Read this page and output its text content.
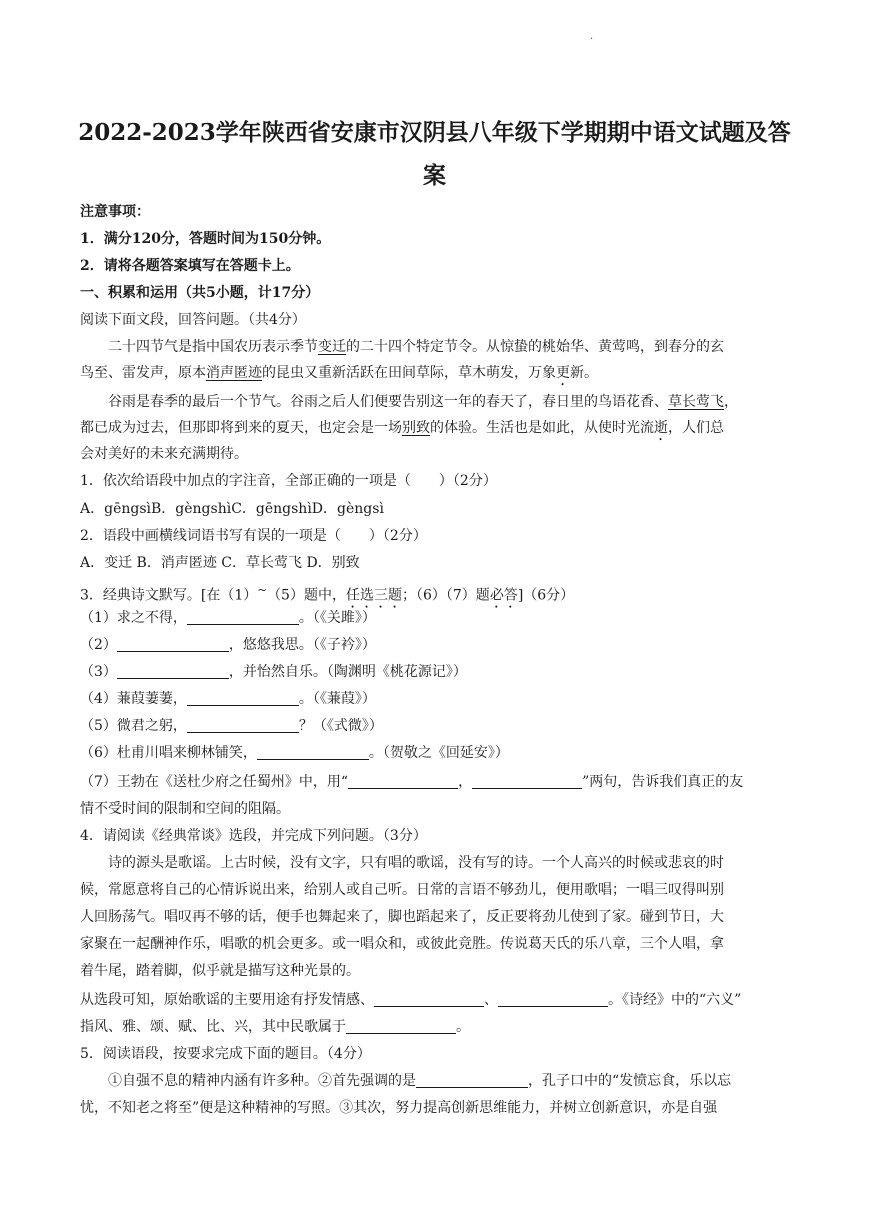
·
2022-2023学年陕西省安康市汉阴县八年级下学期期中语文试题及答
案
注意事项：
1．满分120分，答题时间为150分钟。
2．请将各题答案填写在答题卡上。
一、积累和运用（共5小题，计17分）
阅读下面文段，回答问题。（共4分）
二十四节气是指中国农历表示季节变迁的二十四个特定节令。从惊蛰的桃始华、黄莺鸣，到春分的玄
鸟至、雷发声，原本消声匿迹的昆虫又重新活跃在田间草际，草木萌发，万象更新。
谷雨是春季的最后一个节气。谷雨之后人们便要告别这一年的春天了，春日里的鸟语花香、草长莺飞，
都已成为过去，但那即将到来的夏天，也定会是一场别致的体验。生活也是如此，从使时光流逝，人们总
会对美好的未来充满期待。
1．依次给语段中加点的字注音，全部正确的一项是（　　）（2分）
A．gēngsìB．gèngshìC．gēngshìD．gèngsì
2．语段中画横线词语书写有误的一项是（　　）（2分）
A．变迁 B．消声匿迹 C．草长莺飞 D．别致
3．经典诗文默写。[在（1）~（5）题中，任选三题；（6）（7）题必答]（6分）
（1）求之不得，	。（《关雎》）
（2）	，悠悠我思。（《子衿》）
（3）	，并怡然自乐。（陶渊明《桃花源记》）
（4）蒹葭萋萋，	。（《蒹葭》）
（5）微君之躬，	？（《式微》）
（6）杜甫川唱来柳林铺笑，	。（贺敬之《回延安》）
（7）王勃在《送杜少府之任蜀州》中，用“	，	”两句，告诉我们真正的友
情不受时间的限制和空间的阻隔。
4．请阅读《经典常谈》选段，并完成下列问题。（3分）
诗的源头是歌谣。上古时候，没有文字，只有唱的歌谣，没有写的诗。一个人高兴的时候或悲哀的时
候，常愿意将自己的心情诉说出来，给别人或自己听。日常的言语不够劲儿，便用歌唱；一唱三叹得叫别
人回肠荡气。唱叹再不够的话，便手也舞起来了，脚也蹈起来了，反正要将劲儿使到了家。碰到节日，大
家聚在一起酬神作乐，唱歌的机会更多。或一唱众和，或彼此竞胜。传说葛天氏的乐八章，三个人唱，拿
着牛尾，踏着脚，似乎就是描写这种光景的。
从选段可知，原始歌谣的主要用途有抒发情感、	、	。《诗经》中的“六义”
指风、雅、颂、赋、比、兴，其中民歌属于	。
5．阅读语段，按要求完成下面的题目。（4分）
①自强不息的精神内涵有许多种。②首先强调的是	，孔子口中的“发愤忘食，乐以忘
忧，不知老之将至”便是这种精神的写照。③其次，努力提高创新思维能力，并树立创新意识，亦是自强
